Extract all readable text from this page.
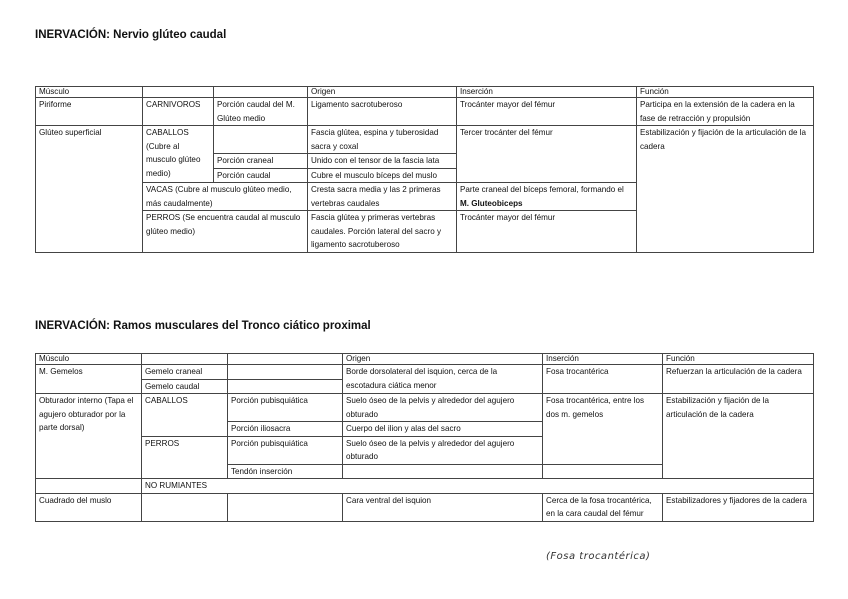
INERVACIÓN: Nervio glúteo caudal
Músculo			Origen	Inserción	Función
Piriforme	CARNIVOROS	Porción caudal del M. Glúteo medio	Ligamento sacrotuberoso	Trocánter mayor del fémur	Participa en la extensión de la cadera en la fase de retracción y propulsión
Glúteo superficial	CABALLOS (Cubre al musculo glúteo medio)		Fascia glútea, espina y tuberosidad sacra y coxal	Tercer trocánter del fémur	Estabilización y fijación de la articulación de la cadera
		Porción craneal	Unido con el tensor de la fascia lata		
		Porción caudal	Cubre el musculo bíceps del muslo		
	VACAS (Cubre al musculo glúteo medio, más caudalmente)		Cresta sacra media y las 2 primeras vertebras caudales	Parte craneal del bíceps femoral, formando el M. Gluteobiceps	
	PERROS (Se encuentra caudal al musculo glúteo medio)		Fascia glútea y primeras vertebras caudales. Porción lateral del sacro y ligamento sacrotuberoso	Trocánter mayor del fémur	
INERVACIÓN: Ramos musculares del Tronco ciático proximal
Músculo			Origen	Inserción	Función
M. Gemelos	Gemelo craneal		Borde dorsolateral del isquion, cerca de la escotadura ciática menor	Fosa trocantérica	Refuerzan la articulación de la cadera
	Gemelo caudal				
Obturador interno (Tapa el agujero obturador por la parte dorsal)	CABALLOS	Porción pubisquiática	Suelo óseo de la pelvis y alrededor del agujero obturado	Fosa trocantérica, entre los dos m. gemelos	Estabilización y fijación de la articulación de la cadera
		Porción iliosacra	Cuerpo del ilion y alas del sacro		
	PERROS	Porción pubisquiática	Suelo óseo de la pelvis y alrededor del agujero obturado		
		Tendón inserción			
	NO RUMIANTES				
Cuadrado del muslo			Cara ventral del isquion	Cerca de la fosa trocantérica, en la cara caudal del fémur	Estabilizadores y fijadores de la cadera
(Fosa trocantérica)
